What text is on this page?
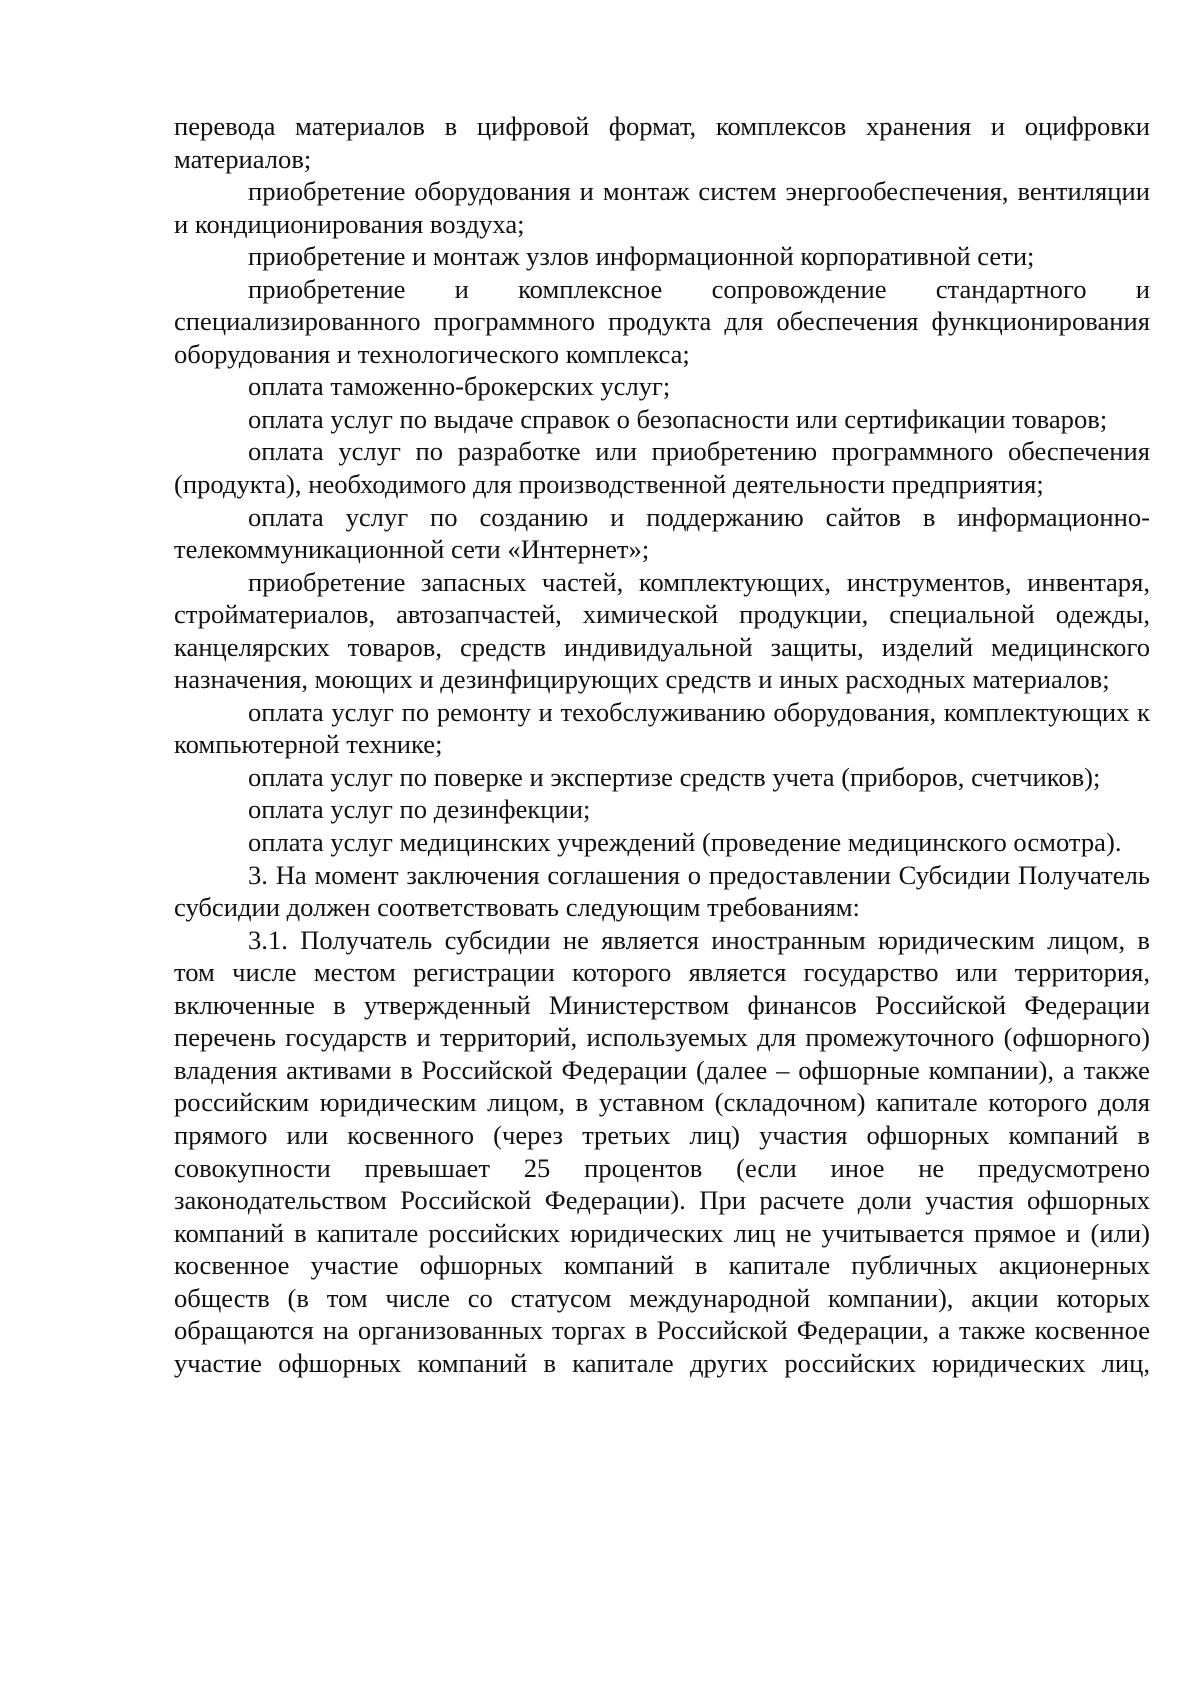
перевода материалов в цифровой формат, комплексов хранения и оцифровки материалов;

приобретение оборудования и монтаж систем энергообеспечения, вентиляции и кондиционирования воздуха;

приобретение и монтаж узлов информационной корпоративной сети;

приобретение и комплексное сопровождение стандартного и специализированного программного продукта для обеспечения функционирования оборудования и технологического комплекса;

оплата таможенно-брокерских услуг;

оплата услуг по выдаче справок о безопасности или сертификации товаров;

оплата услуг по разработке или приобретению программного обеспечения (продукта), необходимого для производственной деятельности предприятия;

оплата услуг по созданию и поддержанию сайтов в информационно-телекоммуникационной сети «Интернет»;

приобретение запасных частей, комплектующих, инструментов, инвентаря, стройматериалов, автозапчастей, химической продукции, специальной одежды, канцелярских товаров, средств индивидуальной защиты, изделий медицинского назначения, моющих и дезинфицирующих средств и иных расходных материалов;

оплата услуг по ремонту и техобслуживанию оборудования, комплектующих к компьютерной технике;

оплата услуг по поверке и экспертизе средств учета (приборов, счетчиков);

оплата услуг по дезинфекции;

оплата услуг медицинских учреждений (проведение медицинского осмотра).

3. На момент заключения соглашения о предоставлении Субсидии Получатель субсидии должен соответствовать следующим требованиям:

3.1. Получатель субсидии не является иностранным юридическим лицом, в том числе местом регистрации которого является государство или территория, включенные в утвержденный Министерством финансов Российской Федерации перечень государств и территорий, используемых для промежуточного (офшорного) владения активами в Российской Федерации (далее – офшорные компании), а также российским юридическим лицом, в уставном (складочном) капитале которого доля прямого или косвенного (через третьих лиц) участия офшорных компаний в совокупности превышает 25 процентов (если иное не предусмотрено законодательством Российской Федерации). При расчете доли участия офшорных компаний в капитале российских юридических лиц не учитывается прямое и (или) косвенное участие офшорных компаний в капитале публичных акционерных обществ (в том числе со статусом международной компании), акции которых обращаются на организованных торгах в Российской Федерации, а также косвенное участие офшорных компаний в капитале других российских юридических лиц,
